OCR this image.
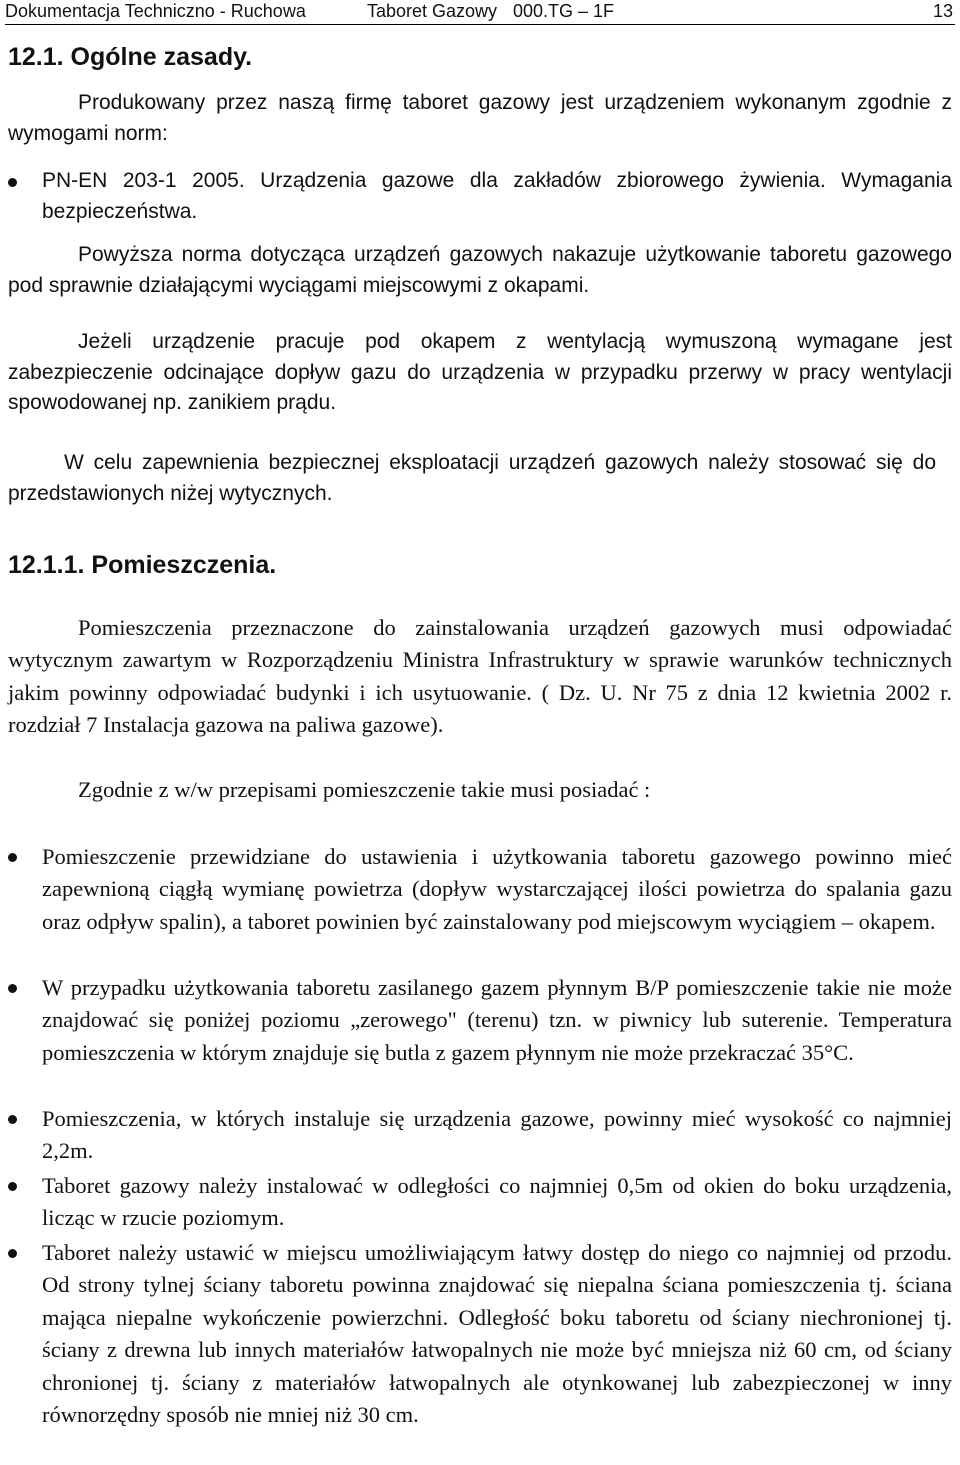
Dokumentacja Techniczno - Ruchowa	Taboret Gazowy 000.TG – 1F	13
12.1. Ogólne zasady.

Produkowany przez naszą firmę taboret gazowy jest urządzeniem wykonanym zgodnie z wymogami norm:

PN-EN 203-1 2005. Urządzenia gazowe dla zakładów zbiorowego żywienia. Wymagania bezpieczeństwa.

Powyższa norma dotycząca urządzeń gazowych nakazuje użytkowanie taboretu gazowego pod sprawnie działającymi wyciągami miejscowymi z okapami.

Jeżeli urządzenie pracuje pod okapem z wentylacją wymuszoną wymagane jest zabezpieczenie odcinające dopływ gazu do urządzenia w przypadku przerwy w pracy wentylacji spowodowanej np. zanikiem prądu.

W celu zapewnienia bezpiecznej eksploatacji urządzeń gazowych należy stosować się do przedstawionych niżej wytycznych.

12.1.1. Pomieszczenia.

Pomieszczenia przeznaczone do zainstalowania urządzeń gazowych musi odpowiadać wytycznym zawartym w Rozporządzeniu Ministra Infrastruktury w sprawie warunków technicznych jakim powinny odpowiadać budynki i ich usytuowanie. ( Dz. U. Nr 75 z dnia 12 kwietnia 2002 r. rozdział 7 Instalacja gazowa na paliwa gazowe).

Zgodnie z w/w przepisami pomieszczenie takie musi posiadać :

Pomieszczenie przewidziane do ustawienia i użytkowania taboretu gazowego powinno mieć zapewnioną ciągłą wymianę powietrza (dopływ wystarczającej ilości powietrza do spalania gazu oraz odpływ spalin), a taboret powinien być zainstalowany pod miejscowym wyciągiem – okapem.
W przypadku użytkowania taboretu zasilanego gazem płynnym B/P pomieszczenie takie nie może znajdować się poniżej poziomu „zerowego" (terenu) tzn. w piwnicy lub suterenie. Temperatura pomieszczenia w którym znajduje się butla z gazem płynnym nie może przekraczać 35°C.
Pomieszczenia, w których instaluje się urządzenia gazowe, powinny mieć wysokość co najmniej 2,2m.
Taboret gazowy należy instalować w odległości co najmniej 0,5m od okien do boku urządzenia, licząc w rzucie poziomym.
Taboret należy ustawić w miejscu umożliwiającym łatwy dostęp do niego co najmniej od przodu. Od strony tylnej ściany taboretu powinna znajdować się niepalna ściana pomieszczenia tj. ściana mająca niepalne wykończenie powierzchni. Odległość boku taboretu od ściany niechronionej tj. ściany z drewna lub innych materiałów łatwopalnych nie może być mniejsza niż 60 cm, od ściany chronionej tj. ściany z materiałów łatwopalnych ale otynkowanej lub zabezpieczonej w inny równorzędny sposób nie mniej niż 30 cm.
